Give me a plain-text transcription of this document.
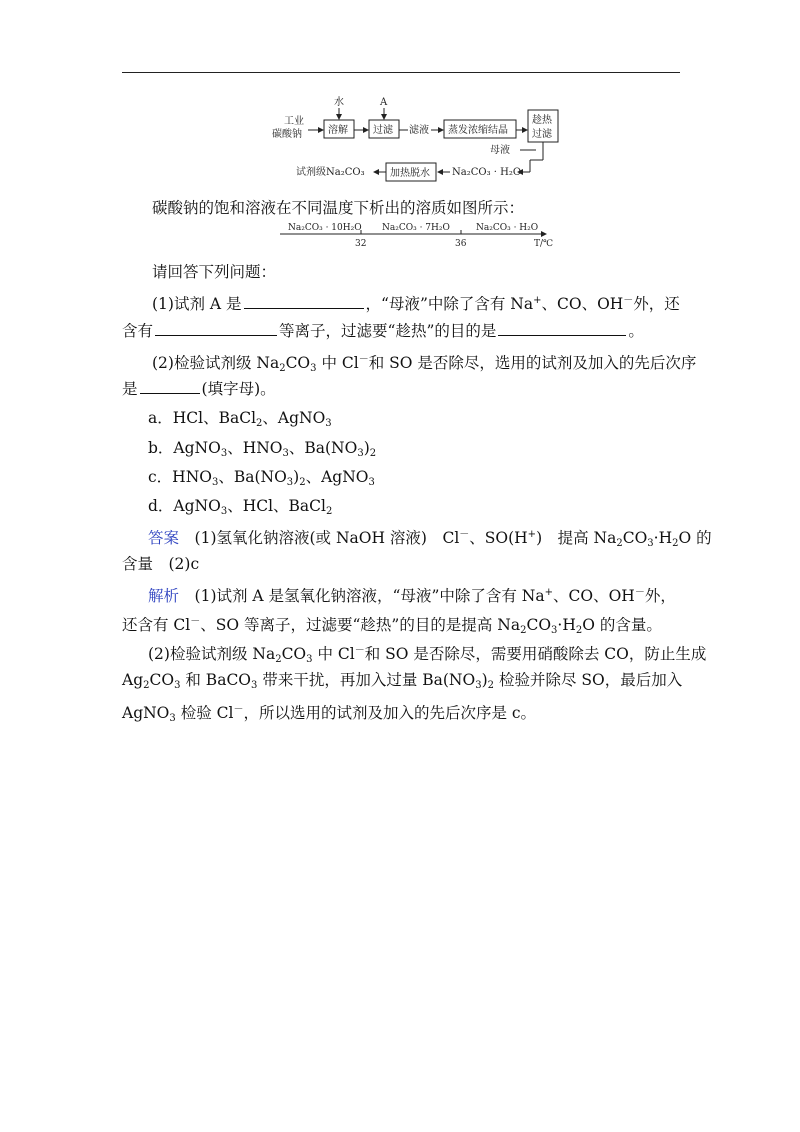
工业
碳酸钠	溶解
水
过滤
A
滤液 蒸发浓缩结晶
趁热
过滤
母液
Na₂CO₃ · H₂O
加热脱水
试剂级Na₂CO₃
碳酸钠的饱和溶液在不同温度下析出的溶质如图所示：
Na₂CO₃ · 10H₂O Na₂CO₃ · 7H₂O	Na₂CO₃ · H₂O
32	36	T/℃
请回答下列问题：
(1)试剂 A 是	，“母液”中除了含有 Na+、CO、OH－外，还
含有	等离子，过滤要“趁热”的目的是	。
(2)检验试剂级 $Na_2CO_3$ 中 Cl－和 SO 是否除尽，选用的试剂及加入的先后次序
是	(填字母)。
a．HCl、BaCl$_2$、AgNO$_3$
b．AgNO$_3$、$HNO_3$、$Ba(NO_3)_2$
c．$HNO_3$、$Ba(NO_3)_2$、AgNO$_3$
d．AgNO$_3$、HCl、BaCl$_2$
答案　 (1)氢氧化钠溶液(或 NaOH 溶液)　Cl－、SO(H+)　提高 $Na_2CO_3\cdot H_2O$ 的
含量　(2)c
解析　 (1)试剂 A 是氢氧化钠溶液，“母液”中除了含有 Na+、CO、OH－外，
还含有 Cl－、SO 等离子，过滤要“趁热”的目的是提高 $Na_2CO_3\cdot H_2O$ 的含量。
(2)检验试剂级 $Na_2CO_3$ 中 Cl－和 SO 是否除尽，需要用硝酸除去 CO，防止生成
$Ag_2CO_3$ 和 BaCO$_3$ 带来干扰，再加入过量 $Ba(NO_3)_2$ 检验并除尽 SO，最后加入
AgNO$_3$ 检验 Cl－，所以选用的试剂及加入的先后次序是 c。
